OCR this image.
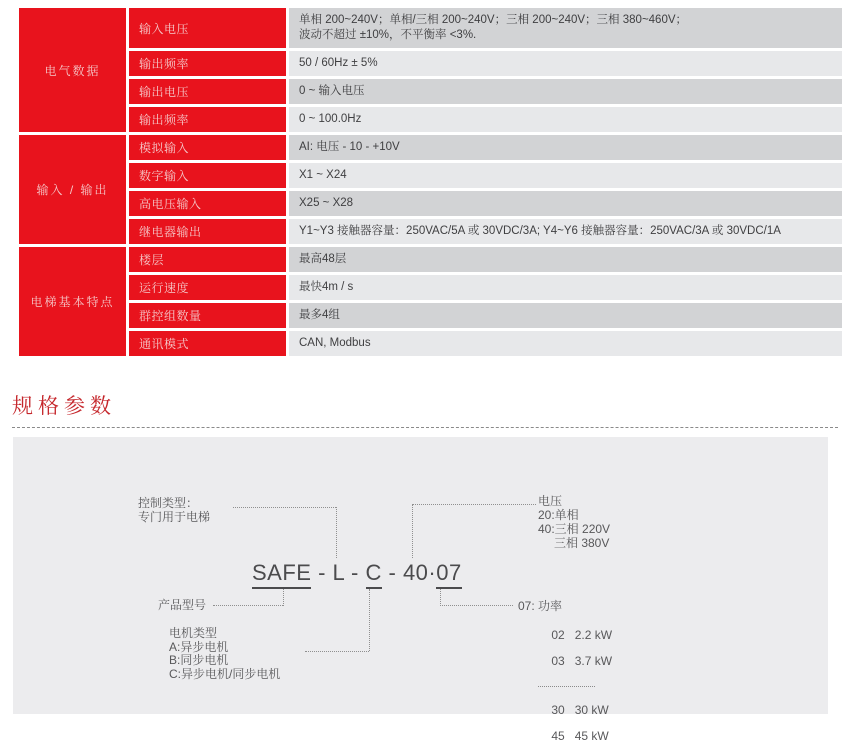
电气数据	输入电压	单相 200~240V；单相/三相 200~240V；三相 200~240V；三相 380~460V；
波动不超过 ±10%，不平衡率 <3%.

	输出频率	50 / 60Hz ± 5%

	输出电压	0 ~ 输入电压

	输出频率	0 ~ 100.0Hz

输入 / 输出	模拟输入	AI: 电压 - 10 - +10V

	数字输入	X1 ~ X24

	高电压输入	X25 ~ X28

	继电器输出	Y1~Y3 接触器容量：250VAC/5A 或 30VDC/3A; Y4~Y6 接触器容量：250VAC/3A 或 30VDC/1A

电梯基本特点	楼层	最高48层

	运行速度	最快4m / s

	群控组数量	最多4组

	通讯模式	CAN, Modbus
规格参数
控制类型：
专门用于电梯
电压
20:单相
40:三相 220V
三相 380V
SAFE - L - C - 40·07
产品型号
电机类型
A:异步电机
B:同步电机
C:异步电机/同步电机
07: 功率

02   2.2 kW

03   3.7 kW

30   30 kW

45   45 kW
